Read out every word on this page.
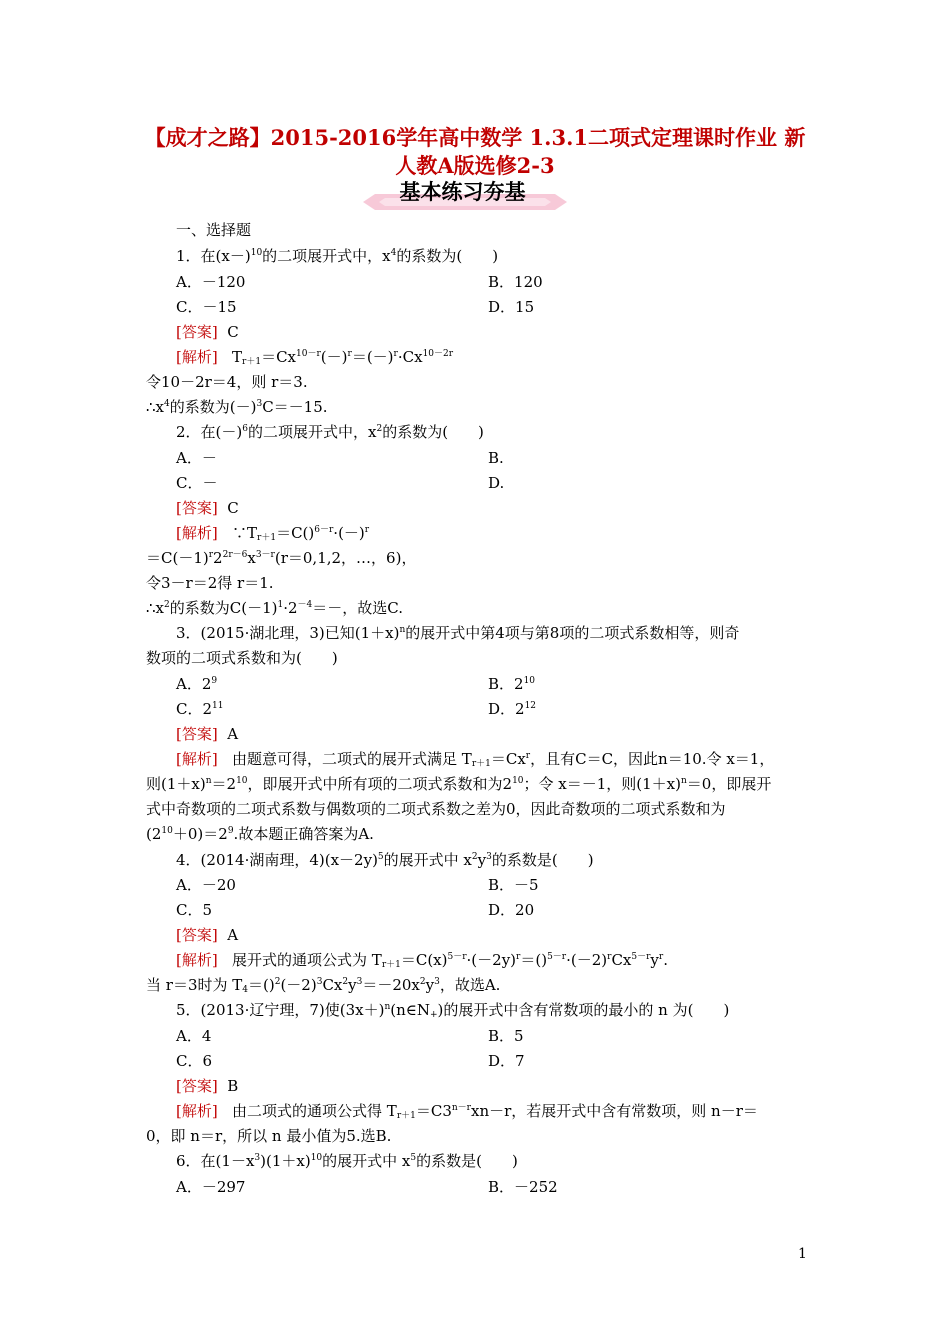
【成才之路】2015-2016学年高中数学 1.3.1二项式定理课时作业 新
人教A版选修2-3
基本练习夯基
一、选择题
1．在$(x-)^{10}$的二项展开式中，$x^4$的系数为(　　)
A．－120	B．120
C．－15	D．15
[答案] C
[解析] $T_{r+1}=Cx^{10-r}(-)^r=(-)^r\cdot Cx^{10-2r}$
令10－2r＝4，则 r＝3.
$\therefore x^4$的系数为$(-)^3C=-15$.
2．在$(-)^6$的二项展开式中，$x^2$的系数为(　　)
A．－	B.
C．－	D.
[答案] C
[解析] $\because T_{r+1}=C()^{6-r}\cdot(-)^r$
$=C(-1)^r2^{2r-6}x^{3-r}(r=0,1,2$，…，6)，
令3－r＝2得 r＝1.
$\therefore x^2$的系数为$C(-1)^1\cdot 2^{-4}=-$，故选C.
3．(2015·湖北理，3)已知$(1+x)^n$的展开式中第4项与第8项的二项式系数相等，则奇
数项的二项式系数和为(　　)
A．$2^9$	B．$2^{10}$
C．$2^{11}$	D．$2^{12}$
[答案] A
[解析] 由题意可得，二项式的展开式满足 $T_{r+1}=Cx^r$，且有C＝C，因此n＝10.令 x＝1，
则$(1+x)^n=2^{10}$，即展开式中所有项的二项式系数和为$2^{10}$；令 x＝－1，则$(1+x)^n=0$，即展开
式中奇数项的二项式系数与偶数项的二项式系数之差为0，因此奇数项的二项式系数和为
$(2^{10}+0)=2^9$.故本题正确答案为A.
4．(2014·湖南理，$4)(x-2y)^5$的展开式中 $x^2y^3$的系数是(　　)
A．－20	B．－5
C．5	D．20
[答案] A
[解析] 展开式的通项公式为 $T_{r+1}=C(x)^{5-r}\cdot(-2y)^r=()^{5-r}\cdot(-2)^rCx^{5-r}y^r$.
当 r＝3时为 $T_4=()^2(-2)^3Cx^2y^3=-20x^2y^3$，故选A.
5．(2013·辽宁理，7)使$(3x+)^n(n\in N_+)$的展开式中含有常数项的最小的 n 为(　　)
A．4	B．5
C．6	D．7
[答案] B
[解析] 由二项式的通项公式得 $T_{r+1}=C3^{n-r}xn-r$，若展开式中含有常数项，则 n－r＝
0，即 n＝r，所以 n 最小值为5.选B.
6．在$(1-x^3)(1+x)^{10}$的展开式中 $x^5$的系数是(　　)
A．－297	B．－252
1
